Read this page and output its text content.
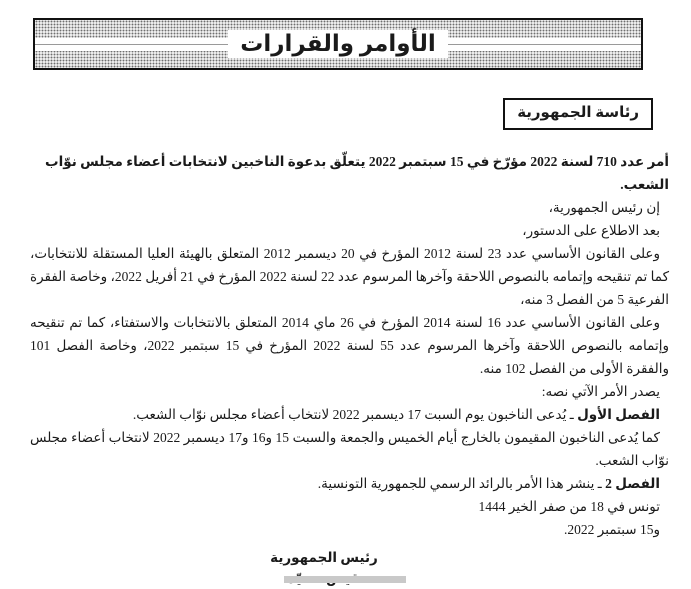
الأوامر والقرارات
رئاسة الجمهورية

أمر عدد 710 لسنة 2022 مؤرّخ في 15 سبتمبر 2022 يتعلّق بدعوة الناخبين لانتخابات أعضاء مجلس نوّاب الشعب.

إن رئيس الجمهورية،

بعد الاطلاع على الدستور،

وعلى القانون الأساسي عدد 23 لسنة 2012 المؤرخ في 20 ديسمبر 2012 المتعلق بالهيئة العليا المستقلة للانتخابات، كما تم تنقيحه وإتمامه بالنصوص اللاحقة وآخرها المرسوم عدد 22 لسنة 2022 المؤرخ في 21 أفريل 2022، وخاصة الفقرة الفرعية 5 من الفصل 3 منه،

وعلى القانون الأساسي عدد 16 لسنة 2014 المؤرخ في 26 ماي 2014 المتعلق بالانتخابات والاستفتاء، كما تم تنقيحه وإتمامه بالنصوص اللاحقة وآخرها المرسوم عدد 55 لسنة 2022 المؤرخ في 15 سبتمبر 2022، وخاصة الفصل 101 والفقرة الأولى من الفصل 102 منه.

يصدر الأمر الآتي نصه:

الفصل الأول ـ يُدعى الناخبون يوم السبت 17 ديسمبر 2022 لانتخاب أعضاء مجلس نوّاب الشعب.

كما يُدعى الناخبون المقيمون بالخارج أيام الخميس والجمعة والسبت 15 و16 و17 ديسمبر 2022 لانتخاب أعضاء مجلس نوّاب الشعب.

الفصل 2 ـ ينشر هذا الأمر بالرائد الرسمي للجمهورية التونسية.

تونس في 18 من صفر الخير 1444

و15 سبتمبر 2022.

رئيس الجمهورية
